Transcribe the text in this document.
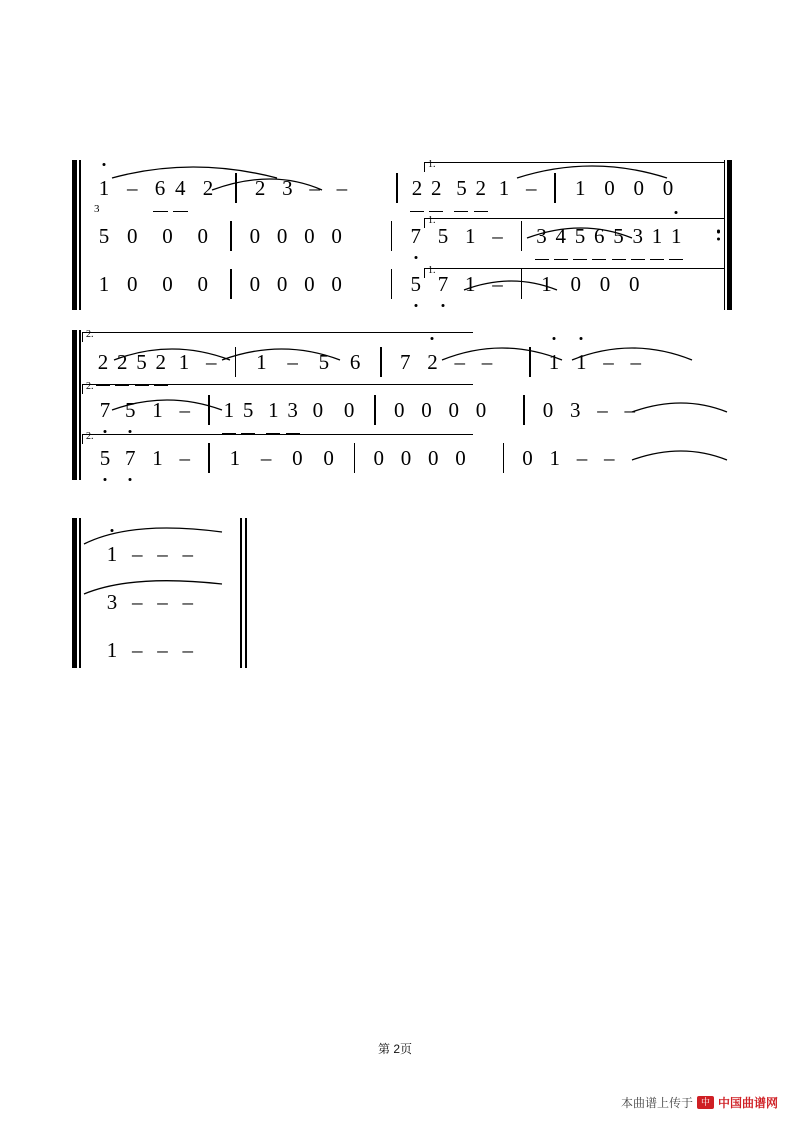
1.
1.
1.
3
1 – 6 4 2 2 3 – –	2 2 5 2 1 – 1 0 0 0
5 0 0 0 0 0 0 0	7 5 1 – 3 4 5 6 5 3 1 1
1 0 0 0 0 0 0 0	5 7 1 – 1 0 0 0
2.
2.
2.
2 2 5 2 1 – 1 – 5 6 7 2 – –	1 1 – –
7 5 1 – 1 5 1 3 0 0 0 0 0 0	0 3 – –
5 7 1 – 1 – 0 0 0 0 0 0	0 1 – –
1 – – –
3 – – –
1 – – –
第 2页
本曲谱上传于 中国
中国曲谱网
